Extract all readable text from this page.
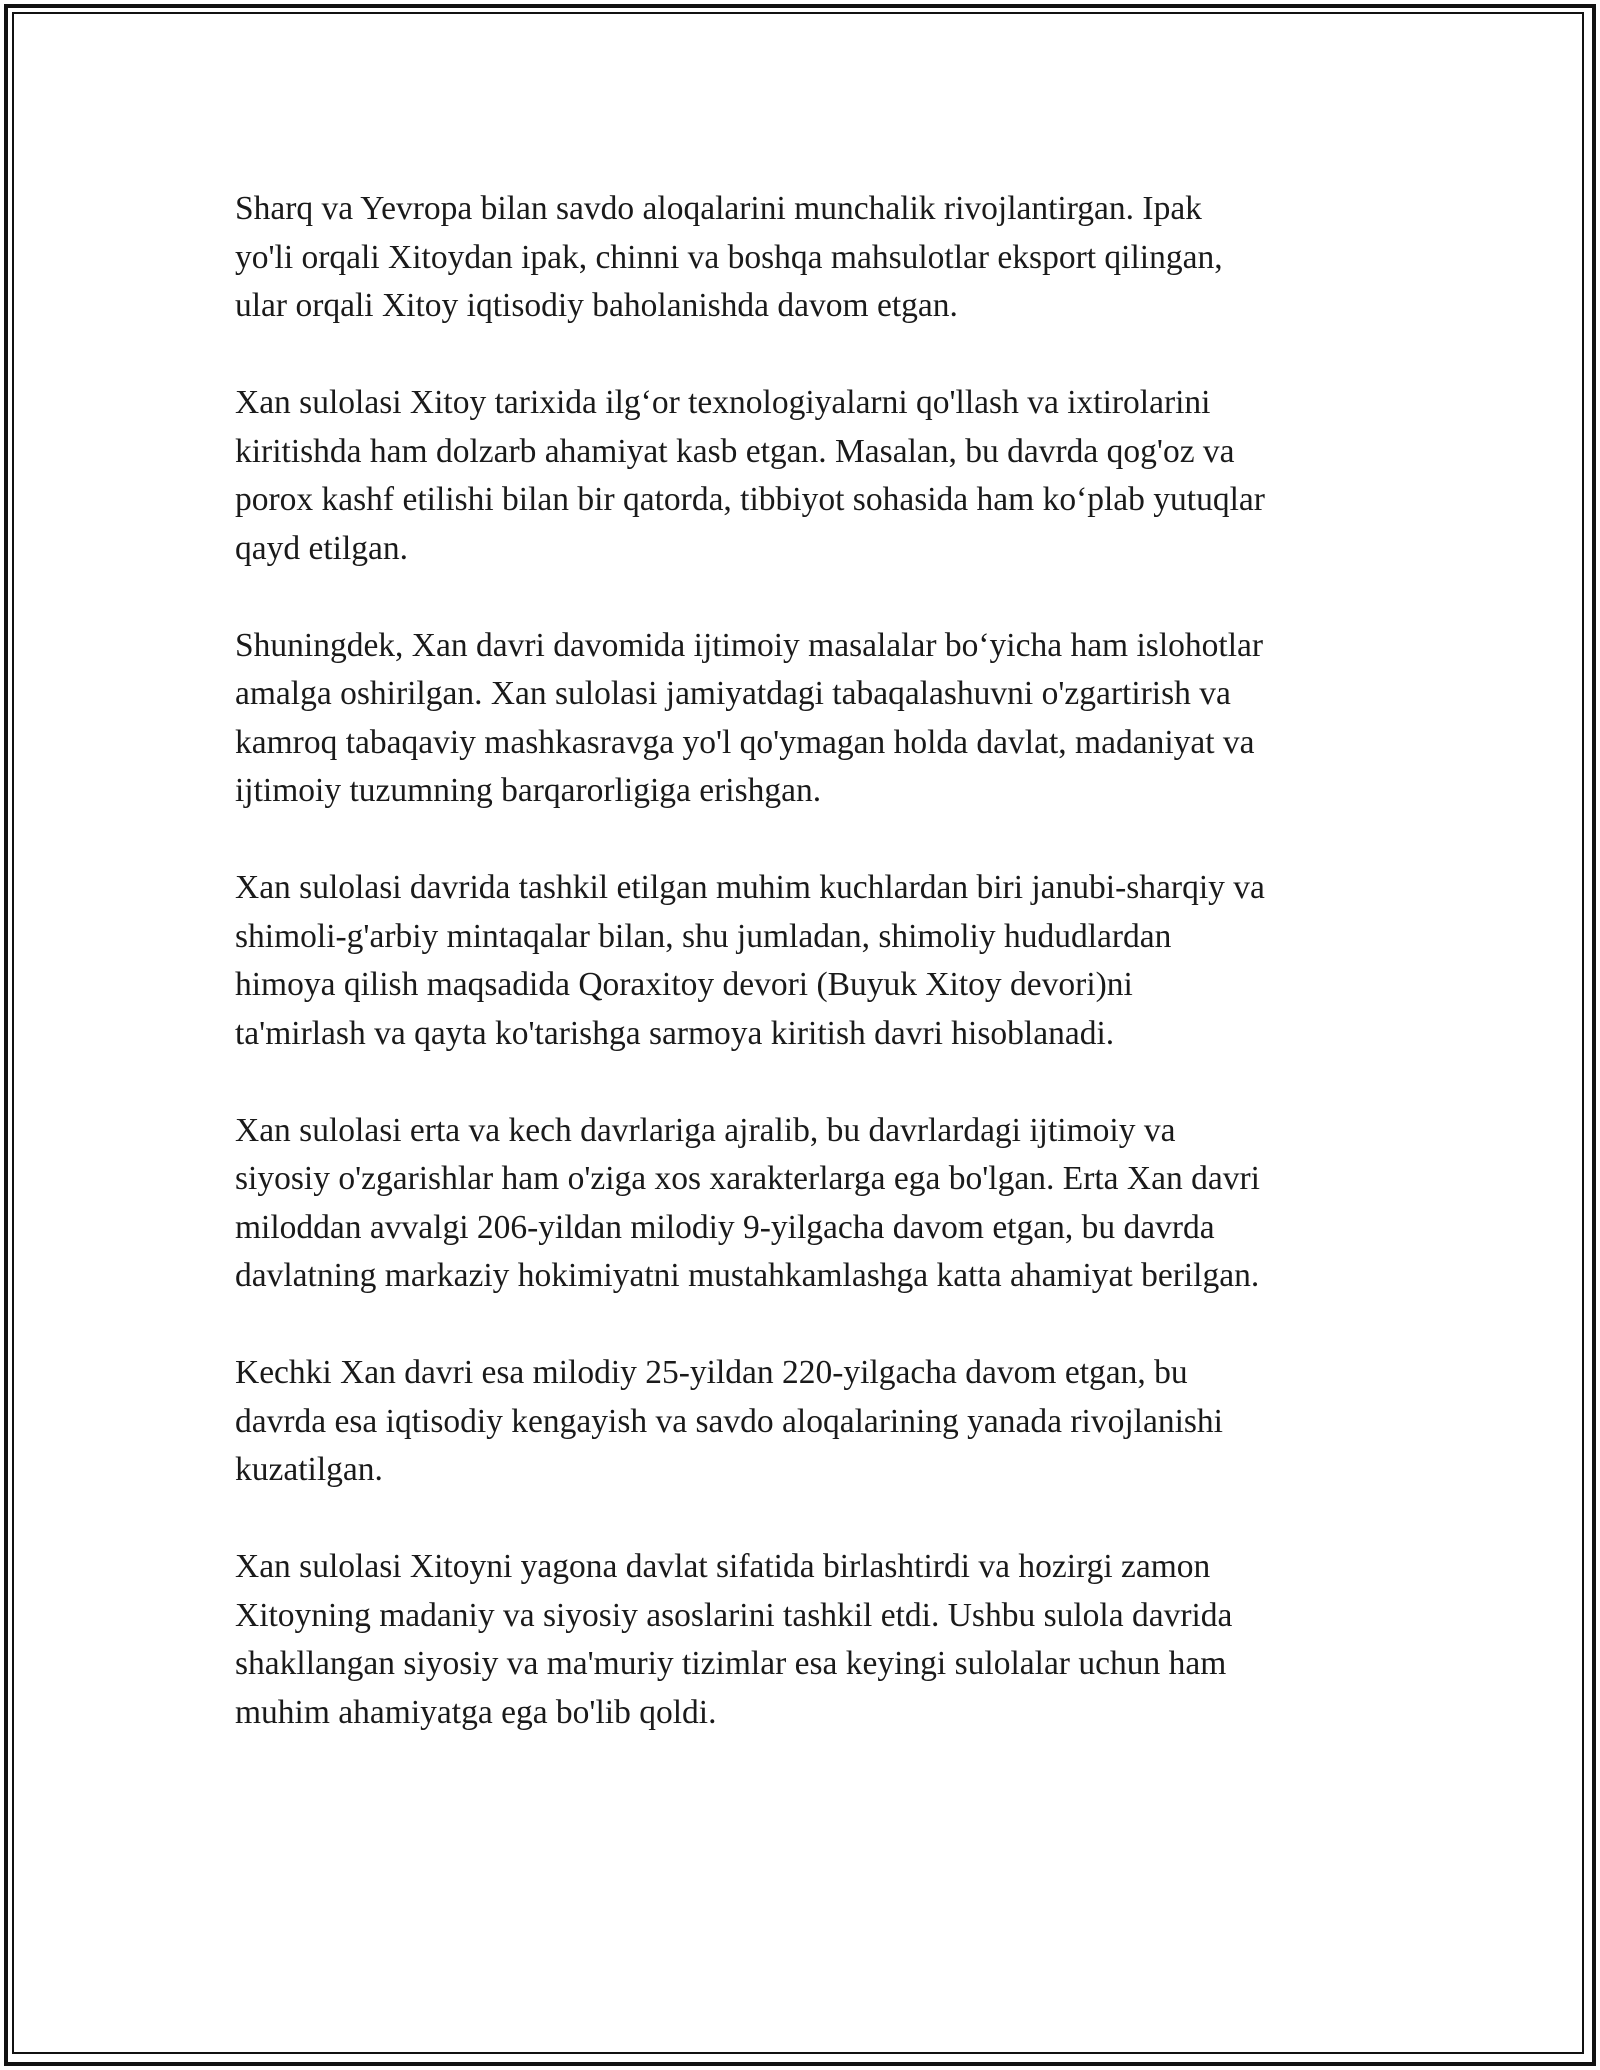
Sharq va Yevropa bilan savdo aloqalarini munchalik rivojlantirgan. Ipak
yo'li orqali Xitoydan ipak, chinni va boshqa mahsulotlar eksport qilingan,
ular orqali Xitoy iqtisodiy baholanishda davom etgan.

Xan sulolasi Xitoy tarixida ilg‘or texnologiyalarni qo'llash va ixtirolarini
kiritishda ham dolzarb ahamiyat kasb etgan. Masalan, bu davrda qog'oz va
porox kashf etilishi bilan bir qatorda, tibbiyot sohasida ham ko‘plab yutuqlar
qayd etilgan.

Shuningdek, Xan davri davomida ijtimoiy masalalar bo‘yicha ham islohotlar
amalga oshirilgan. Xan sulolasi jamiyatdagi tabaqalashuvni o'zgartirish va
kamroq tabaqaviy mashkasravga yo'l qo'ymagan holda davlat, madaniyat va
ijtimoiy tuzumning barqarorligiga erishgan.

Xan sulolasi davrida tashkil etilgan muhim kuchlardan biri janubi-sharqiy va
shimoli-g'arbiy mintaqalar bilan, shu jumladan, shimoliy hududlardan
himoya qilish maqsadida Qoraxitoy devori (Buyuk Xitoy devori)ni
ta'mirlash va qayta ko'tarishga sarmoya kiritish davri hisoblanadi.

Xan sulolasi erta va kech davrlariga ajralib, bu davrlardagi ijtimoiy va
siyosiy o'zgarishlar ham o'ziga xos xarakterlarga ega bo'lgan. Erta Xan davri
miloddan avvalgi 206-yildan milodiy 9-yilgacha davom etgan, bu davrda
davlatning markaziy hokimiyatni mustahkamlashga katta ahamiyat berilgan.

Kechki Xan davri esa milodiy 25-yildan 220-yilgacha davom etgan, bu
davrda esa iqtisodiy kengayish va savdo aloqalarining yanada rivojlanishi
kuzatilgan.

Xan sulolasi Xitoyni yagona davlat sifatida birlashtirdi va hozirgi zamon
Xitoyning madaniy va siyosiy asoslarini tashkil etdi. Ushbu sulola davrida
shakllangan siyosiy va ma'muriy tizimlar esa keyingi sulolalar uchun ham
muhim ahamiyatga ega bo'lib qoldi.
